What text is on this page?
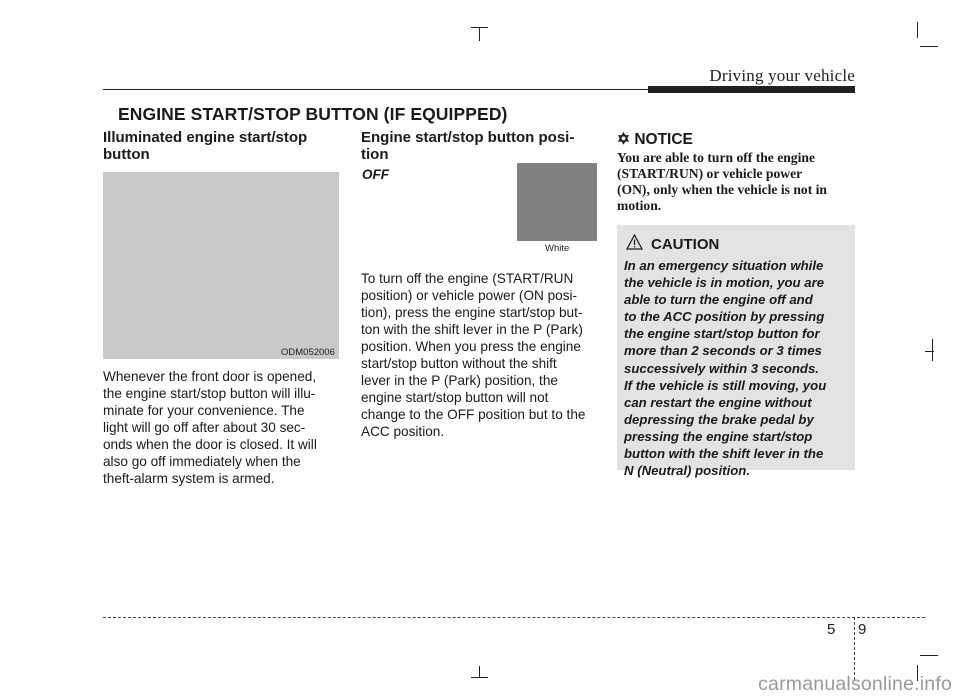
Driving your vehicle
ENGINE START/STOP BUTTON (IF EQUIPPED)
Illuminated engine start/stop button
ODM052006
Whenever the front door is opened,
the engine start/stop button will illu-
minate for your convenience. The
light will go off after about 30 sec-
onds when the door is closed. It will
also go off immediately when the
theft-alarm system is armed.
Engine start/stop button posi-
tion
OFF
White
To turn off the engine (START/RUN
position) or vehicle power (ON posi-
tion), press the engine start/stop but-
ton with the shift lever in the P (Park)
position. When you press the engine
start/stop button without the shift
lever in the P (Park) position, the
engine start/stop button will not
change to the OFF position but to the
ACC position.
✡ NOTICE
You are able to turn off the engine
(START/RUN) or vehicle power
(ON), only when the vehicle is not in
motion.
CAUTION
In an emergency situation while
the vehicle is in motion, you are
able to turn the engine off and
to the ACC position by pressing
the engine start/stop button for
more than 2 seconds or 3 times
successively within 3 seconds.
If the vehicle is still moving, you
can restart the engine without
depressing the brake pedal by
pressing the engine start/stop
button with the shift lever in the
N (Neutral) position.
5 9
carmanualsonline.info
